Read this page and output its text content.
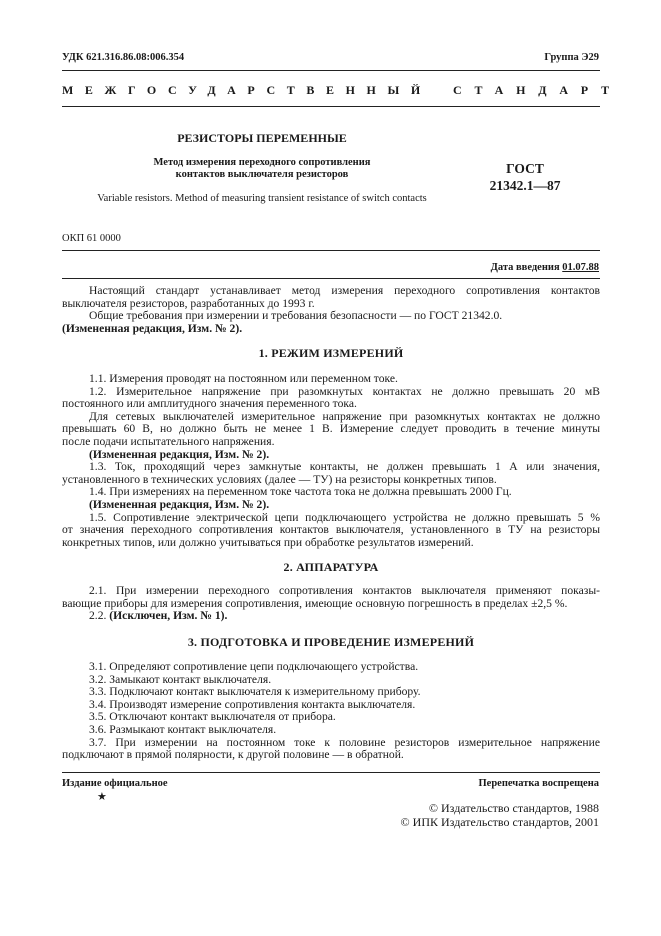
УДК 621.316.86.08:006.354	Группа Э29
МЕЖГОСУДАРСТВЕННЫЙ СТАНДАРТ
РЕЗИСТОРЫ ПЕРЕМЕННЫЕ
Метод измерения переходного сопротивления
контактов выключателя резисторов	ГОСТ
21342.1—87
Variable resistors. Method of measuring transient resistance of switch contacts
ОКП 61 0000
Дата введения 01.07.88
Настоящий стандарт устанавливает метод измерения переходного сопротивления контактов
выключателя резисторов, разработанных до 1993 г.
Общие требования при измерении и требования безопасности — по ГОСТ 21342.0.
(Измененная редакция, Изм. № 2).
1. РЕЖИМ ИЗМЕРЕНИЙ
1.1. Измерения проводят на постоянном или переменном токе.
1.2. Измерительное напряжение при разомкнутых контактах не должно превышать 20 мВ
постоянного или амплитудного значения переменного тока.
Для сетевых выключателей измерительное напряжение при разомкнутых контактах не должно
превышать 60 В, но должно быть не менее 1 В. Измерение следует проводить в течение минуты
после подачи испытательного напряжения.
(Измененная редакция, Изм. № 2).
1.3. Ток, проходящий через замкнутые контакты, не должен превышать 1 А или значения,
установленного в технических условиях (далее — ТУ) на резисторы конкретных типов.
1.4. При измерениях на переменном токе частота тока не должна превышать 2000 Гц.
(Измененная редакция, Изм. № 2).
1.5. Сопротивление электрической цепи подключающего устройства не должно превышать 5 %
от значения переходного сопротивления контактов выключателя, установленного в ТУ на резисторы
конкретных типов, или должно учитываться при обработке результатов измерений.
2. АППАРАТУРА
2.1. При измерении переходного сопротивления контактов выключателя применяют показы-
вающие приборы для измерения сопротивления, имеющие основную погрешность в пределах ±2,5 %.
2.2. (Исключен, Изм. № 1).
3. ПОДГОТОВКА И ПРОВЕДЕНИЕ ИЗМЕРЕНИЙ
3.1. Определяют сопротивление цепи подключающего устройства.
3.2. Замыкают контакт выключателя.
3.3. Подключают контакт выключателя к измерительному прибору.
3.4. Производят измерение сопротивления контакта выключателя.
3.5. Отключают контакт выключателя от прибора.
3.6. Размыкают контакт выключателя.
3.7. При измерении на постоянном токе к половине резисторов измерительное напряжение
подключают в прямой полярности, к другой половине — в обратной.
Издание официальное
★
Перепечатка воспрещена
© Издательство стандартов, 1988
© ИПК Издательство стандартов, 2001
